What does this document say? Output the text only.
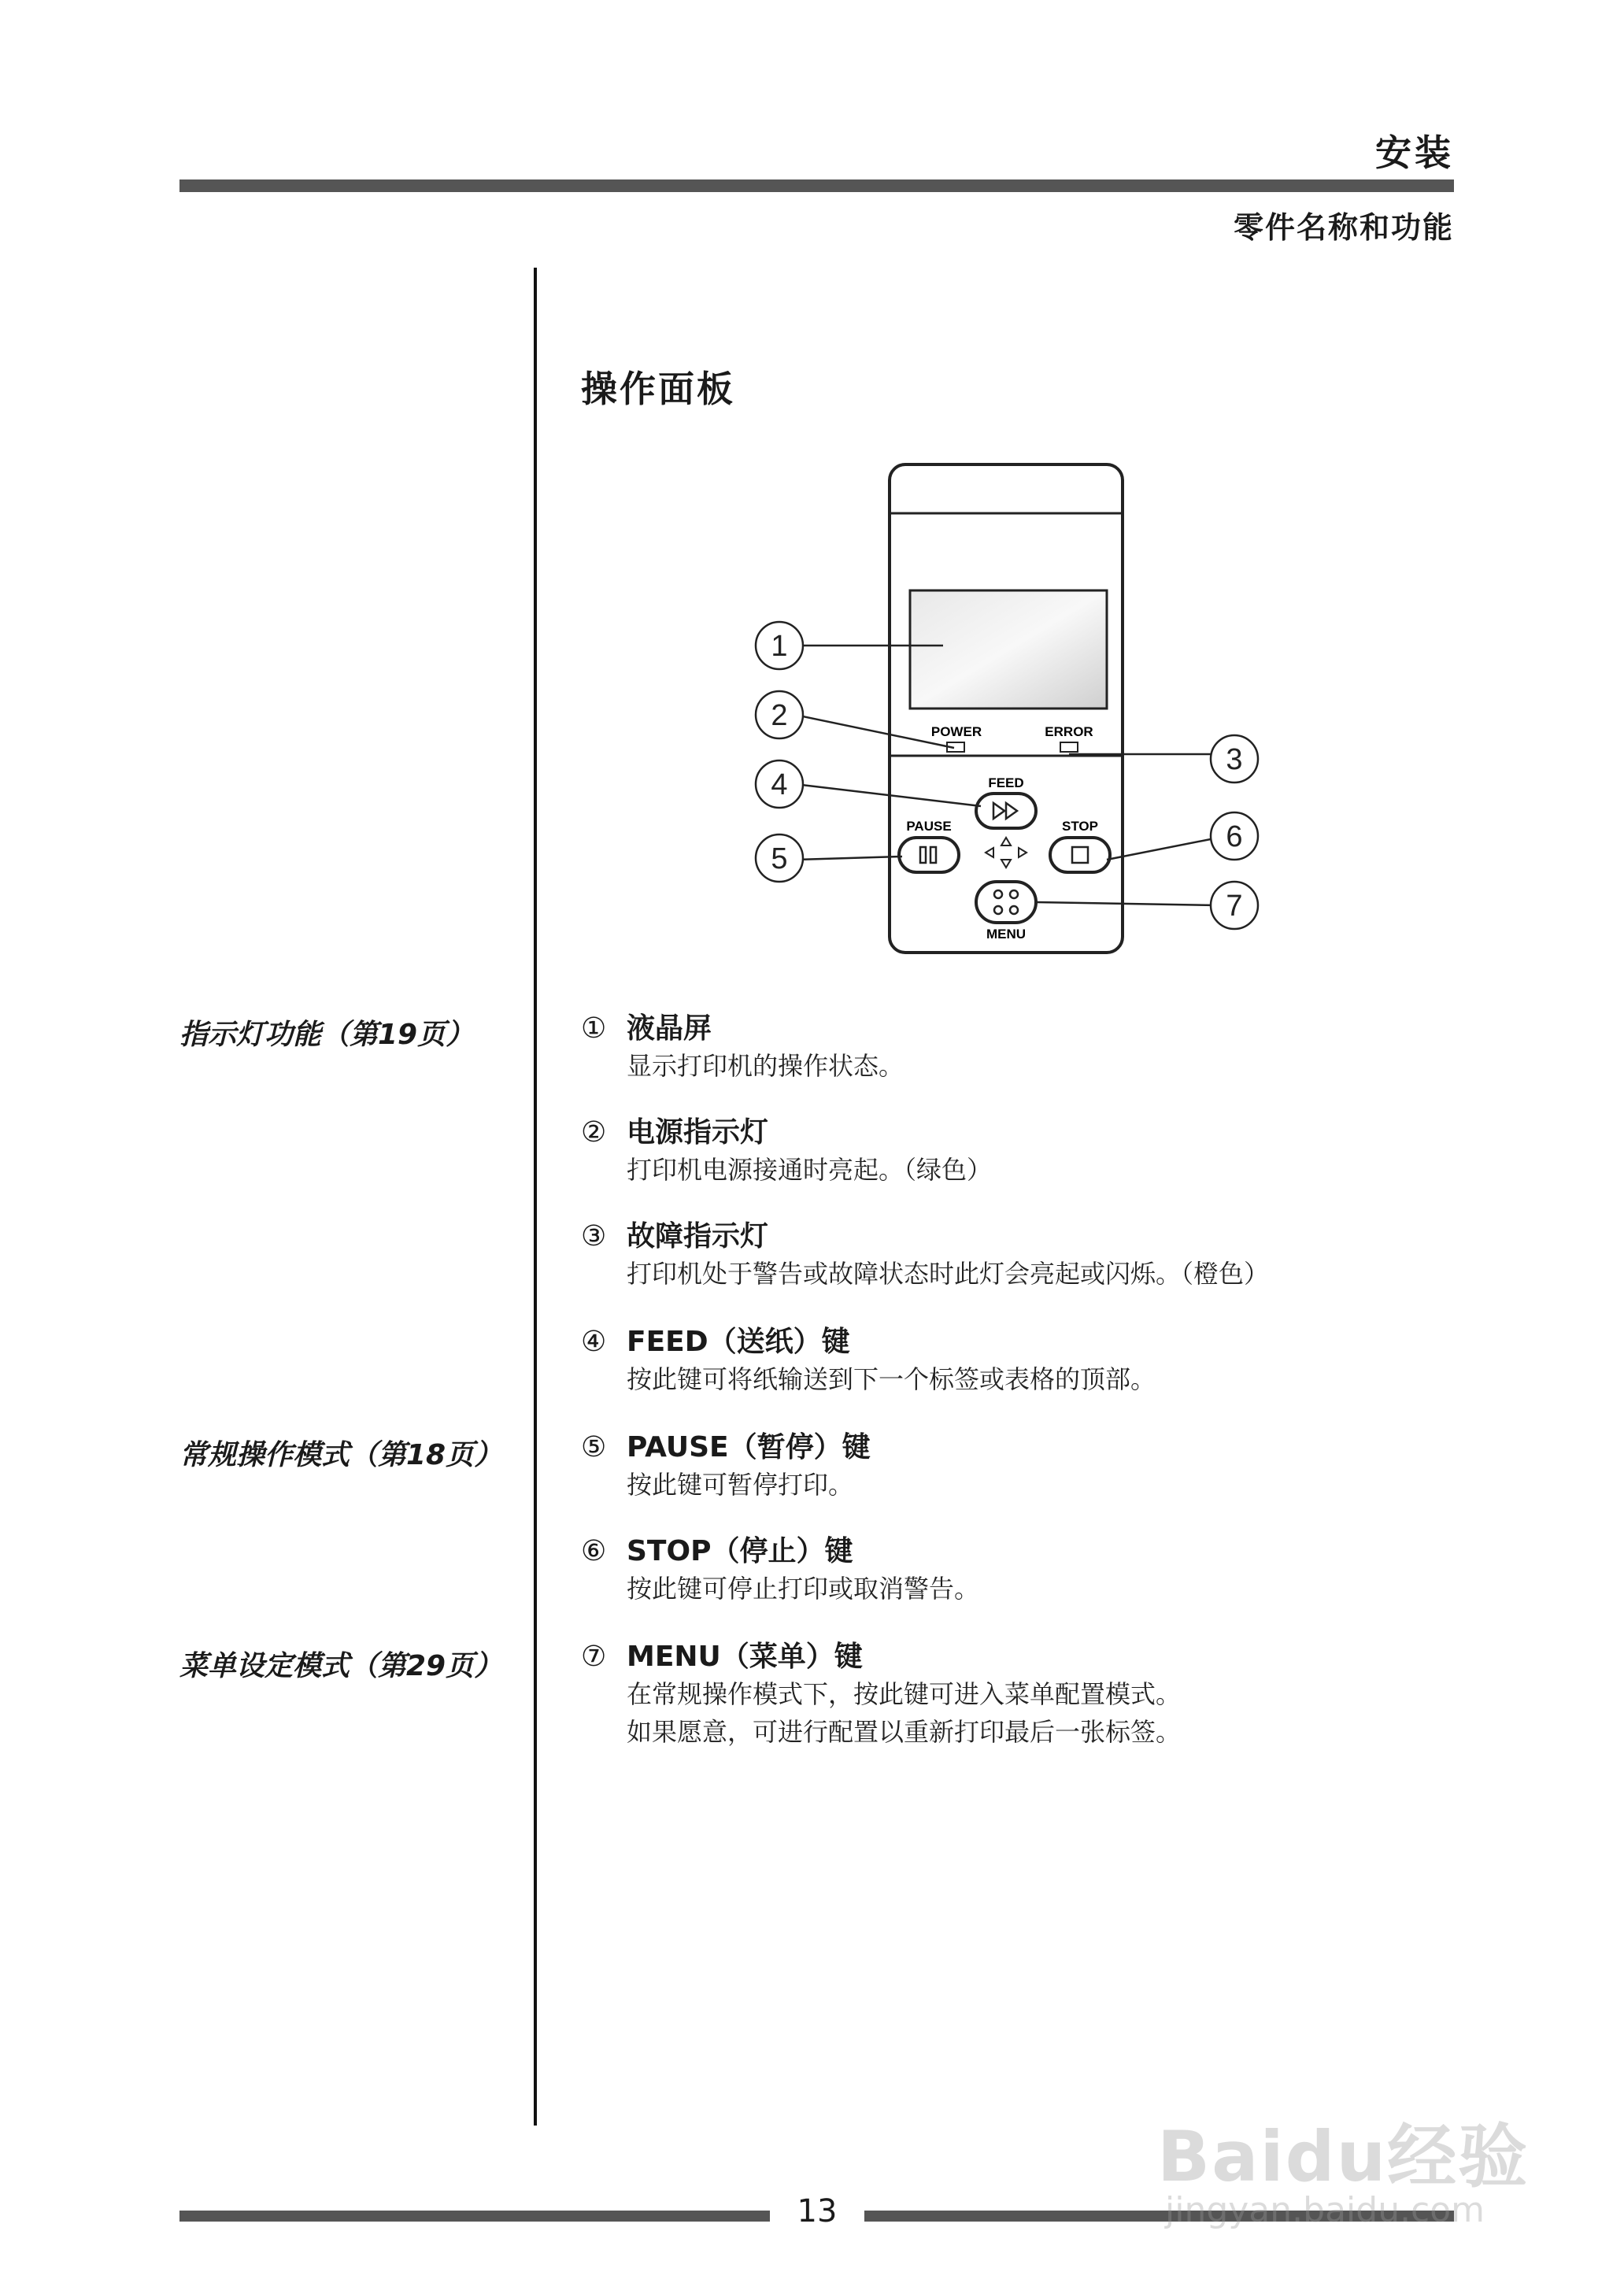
安装
零件名称和功能
操作面板
POWER	ERROR
FEED
PAUSE	STOP
MENU
1
2
3
4
5
6
7
指示灯功能（第19页）
常规操作模式（第18页）
菜单设定模式（第29页）
① 液晶屏
显示打印机的操作状态。
② 电源指示灯
打印机电源接通时亮起。（绿色）
③ 故障指示灯
打印机处于警告或故障状态时此灯会亮起或闪烁。（橙色）
④ FEED（送纸）键
按此键可将纸输送到下一个标签或表格的顶部。
⑤ PAUSE（暂停）键
按此键可暂停打印。
⑥ STOP（停止）键
按此键可停止打印或取消警告。
⑦ MENU（菜单）键
在常规操作模式下，按此键可进入菜单配置模式。
如果愿意，可进行配置以重新打印最后一张标签。
13
Baidu经验
jingyan.baidu.com
